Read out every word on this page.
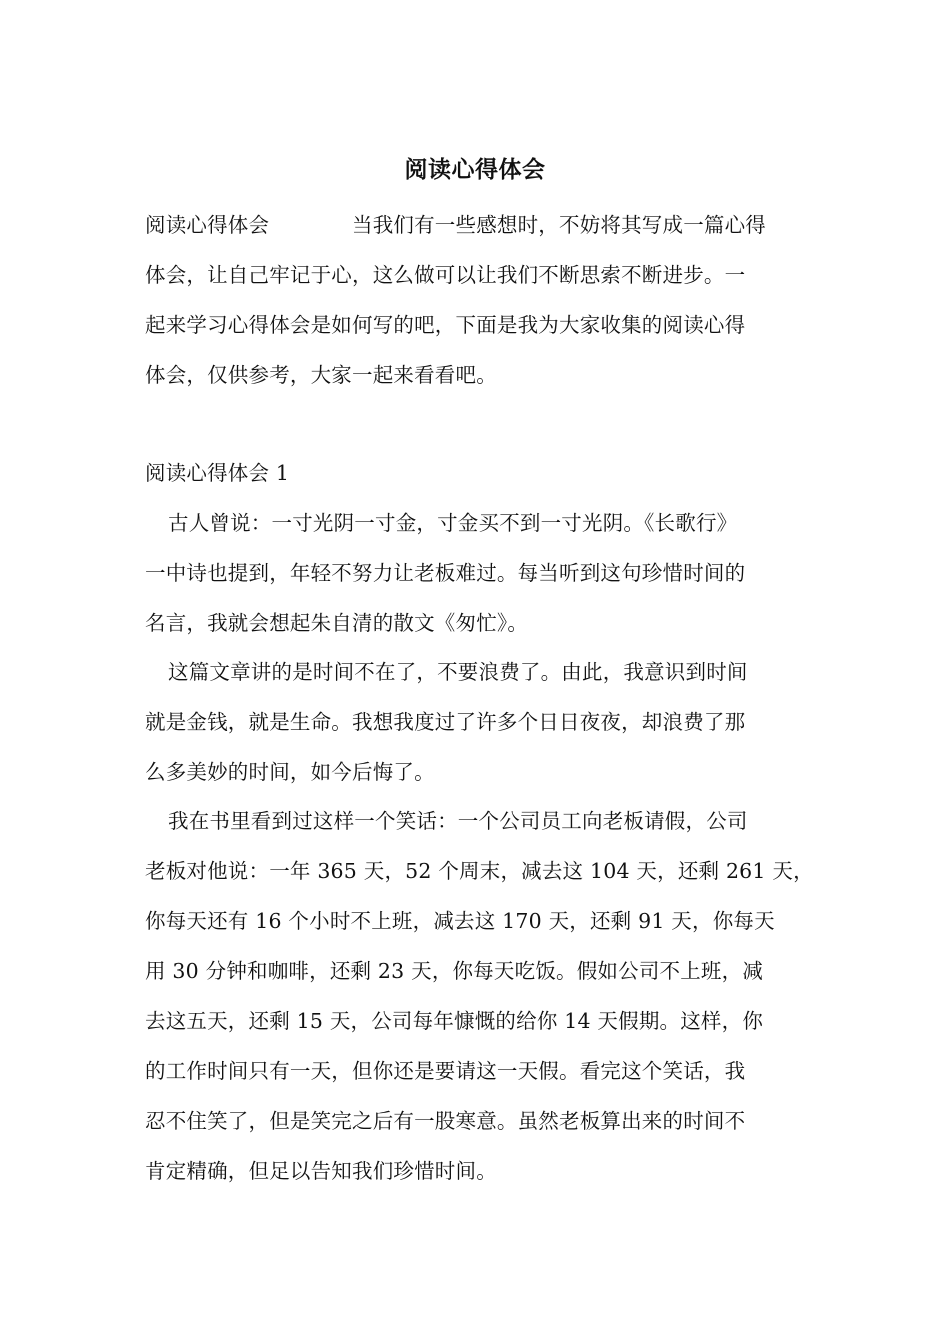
阅读心得体会
阅读心得体会　　　　当我们有一些感想时，不妨将其写成一篇心得
体会，让自己牢记于心，这么做可以让我们不断思索不断进步。一
起来学习心得体会是如何写的吧，下面是我为大家收集的阅读心得
体会，仅供参考，大家一起来看看吧。
阅读心得体会 1
古人曾说：一寸光阴一寸金，寸金买不到一寸光阴。《长歌行》
一中诗也提到，年轻不努力让老板难过。每当听到这句珍惜时间的
名言，我就会想起朱自清的散文《匆忙》。
这篇文章讲的是时间不在了，不要浪费了。由此，我意识到时间
就是金钱，就是生命。我想我度过了许多个日日夜夜，却浪费了那
么多美妙的时间，如今后悔了。
我在书里看到过这样一个笑话：一个公司员工向老板请假，公司
老板对他说：一年 365 天，52 个周末，减去这 104 天，还剩 261 天，
你每天还有 16 个小时不上班，减去这 170 天，还剩 91 天，你每天
用 30 分钟和咖啡，还剩 23 天，你每天吃饭。假如公司不上班，减
去这五天，还剩 15 天，公司每年慷慨的给你 14 天假期。这样，你
的工作时间只有一天，但你还是要请这一天假。看完这个笑话，我
忍不住笑了，但是笑完之后有一股寒意。虽然老板算出来的时间不
肯定精确，但足以告知我们珍惜时间。
